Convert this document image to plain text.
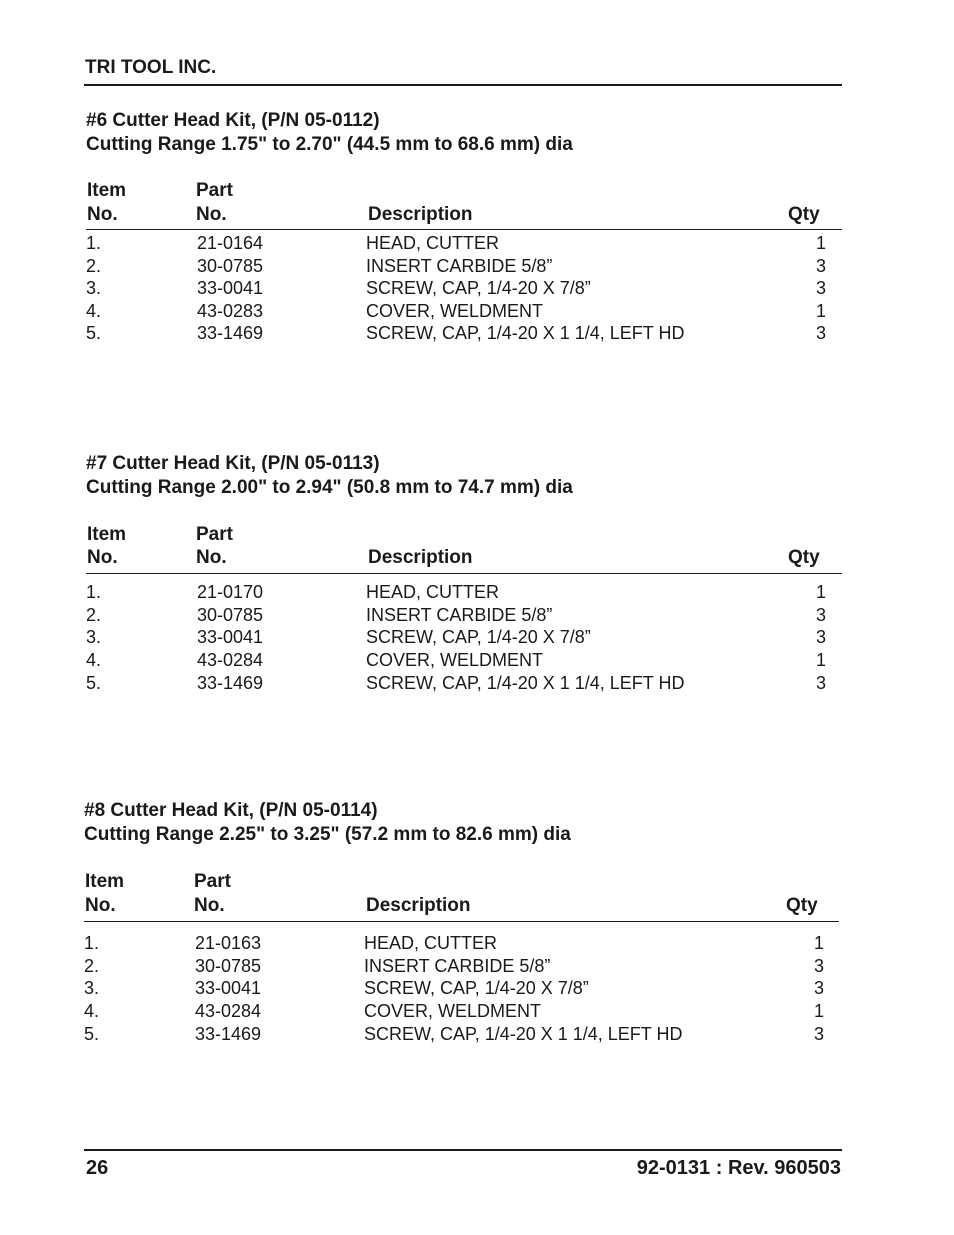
TRI TOOL INC.
#6 Cutter Head Kit, (P/N 05-0112)
Cutting Range 1.75" to 2.70" (44.5 mm to 68.6 mm) dia
Item
No.
Part
No.	Description	Qty
1.	21-0164	HEAD, CUTTER	1
2.	30-0785	INSERT CARBIDE 5/8”	3
3.	33-0041	SCREW, CAP, 1/4-20 X 7/8”	3
4.	43-0283	COVER, WELDMENT	1
5.	33-1469	SCREW, CAP, 1/4-20 X 1 1/4, LEFT HD	3
#7 Cutter Head Kit, (P/N 05-0113)
Cutting Range 2.00" to 2.94" (50.8 mm to 74.7 mm) dia
Item
No.
Part
No.	Description	Qty
1.	21-0170	HEAD, CUTTER	1
2.	30-0785	INSERT CARBIDE 5/8”	3
3.	33-0041	SCREW, CAP, 1/4-20 X 7/8”	3
4.	43-0284	COVER, WELDMENT	1
5.	33-1469	SCREW, CAP, 1/4-20 X 1 1/4, LEFT HD	3
#8 Cutter Head Kit, (P/N 05-0114)
Cutting Range 2.25" to 3.25" (57.2 mm to 82.6 mm) dia
Item
No.
Part
No.	Description	Qty
1.	21-0163	HEAD, CUTTER	1
2.	30-0785	INSERT CARBIDE 5/8”	3
3.	33-0041	SCREW, CAP, 1/4-20 X 7/8”	3
4.	43-0284	COVER, WELDMENT	1
5.	33-1469	SCREW, CAP, 1/4-20 X 1 1/4, LEFT HD	3
26	92-0131 : Rev. 960503
